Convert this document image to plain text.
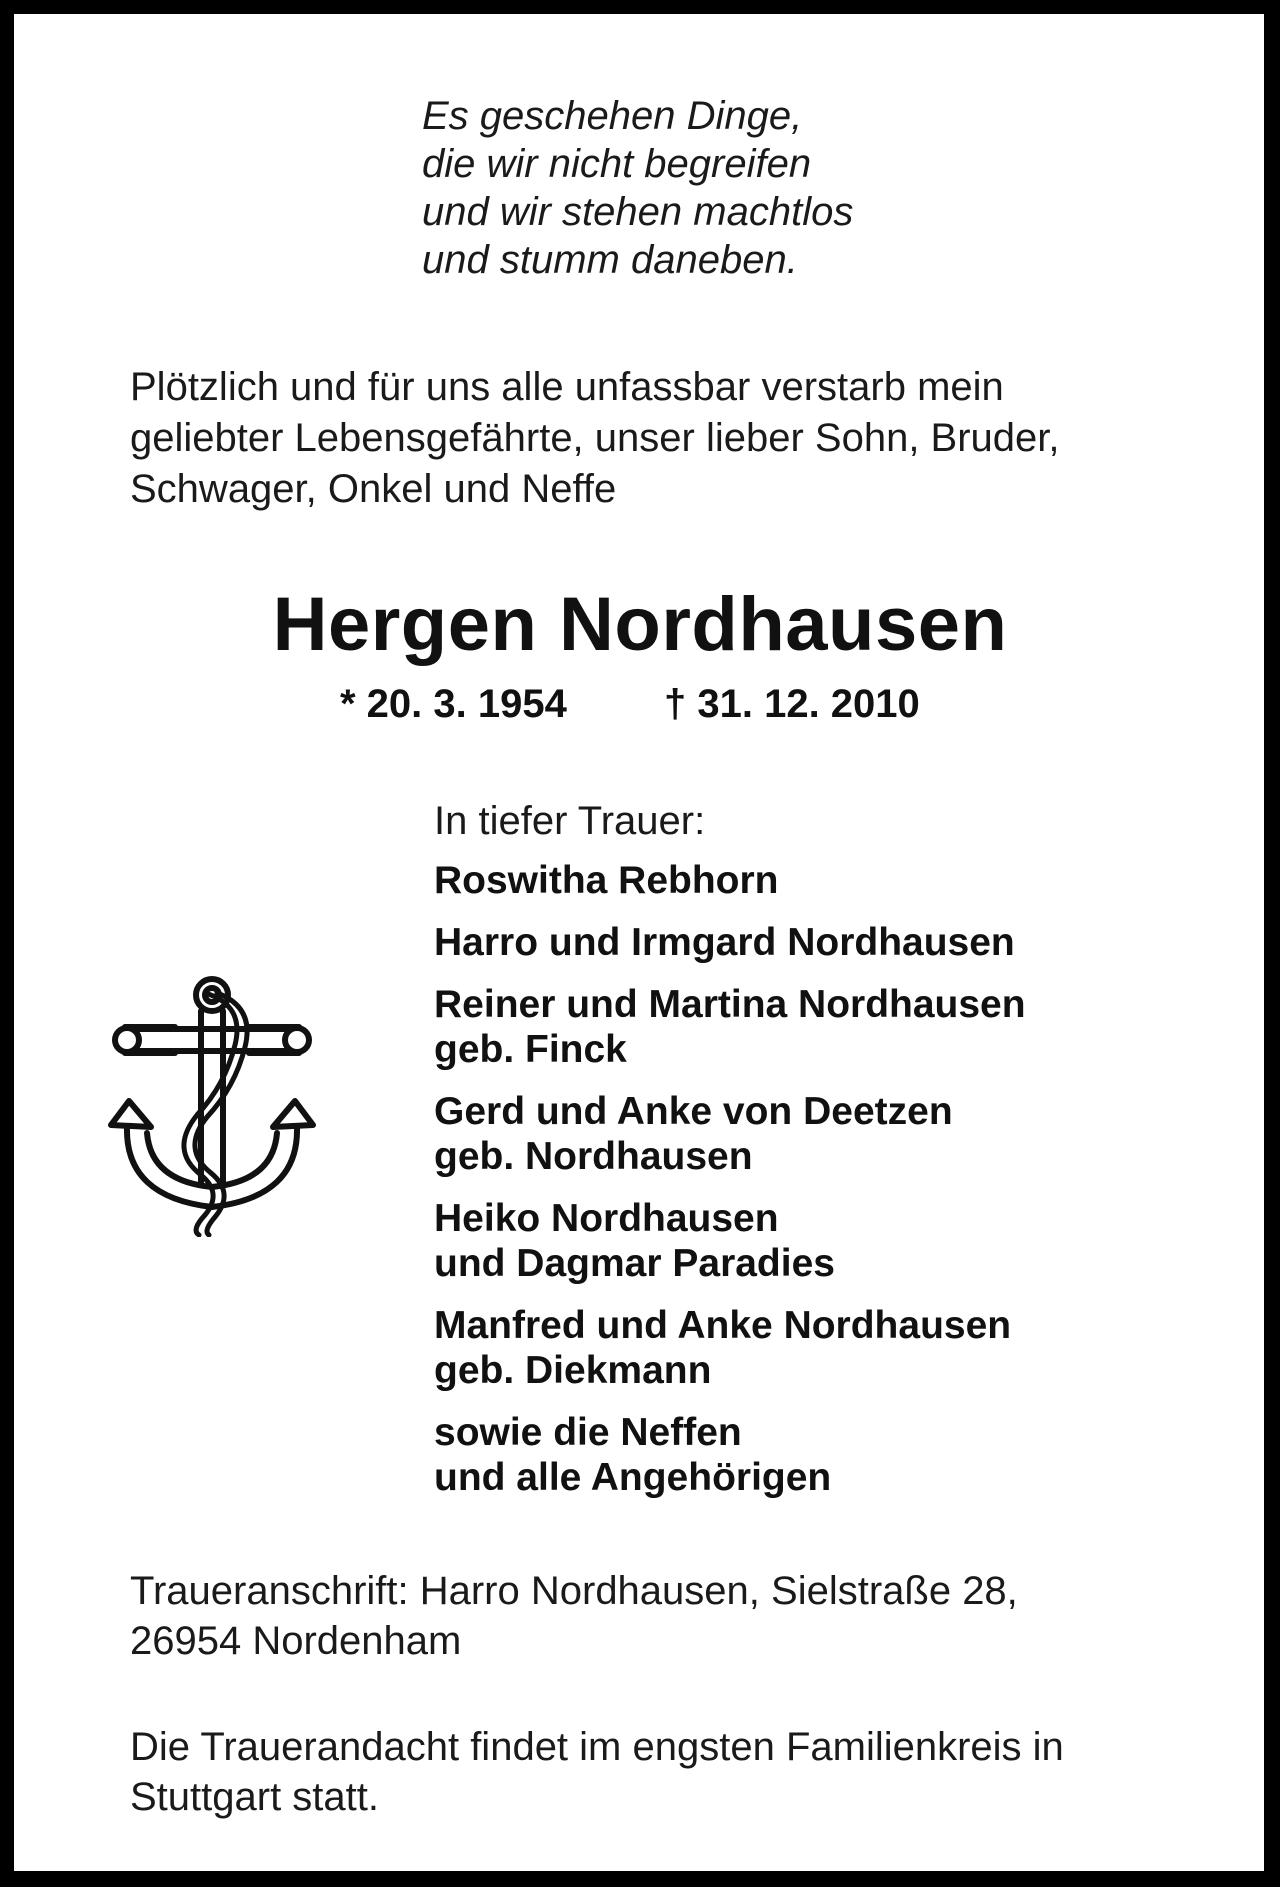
Es geschehen Dinge,
die wir nicht begreifen
und wir stehen machtlos
und stumm daneben.
Plötzlich und für uns alle unfassbar verstarb mein
geliebter Lebensgefährte, unser lieber Sohn, Bruder,
Schwager, Onkel und Neffe
Hergen Nordhausen
* 20. 3. 1954 † 31. 12. 2010
In tiefer Trauer:
Roswitha Rebhorn
Harro und Irmgard Nordhausen
Reiner und Martina Nordhausen
geb. Finck
Gerd und Anke von Deetzen
geb. Nordhausen
Heiko Nordhausen
und Dagmar Paradies
Manfred und Anke Nordhausen
geb. Diekmann
sowie die Neffen
und alle Angehörigen
Traueranschrift: Harro Nordhausen, Sielstraße 28,
26954 Nordenham
Die Trauerandacht findet im engsten Familienkreis in
Stuttgart statt.
